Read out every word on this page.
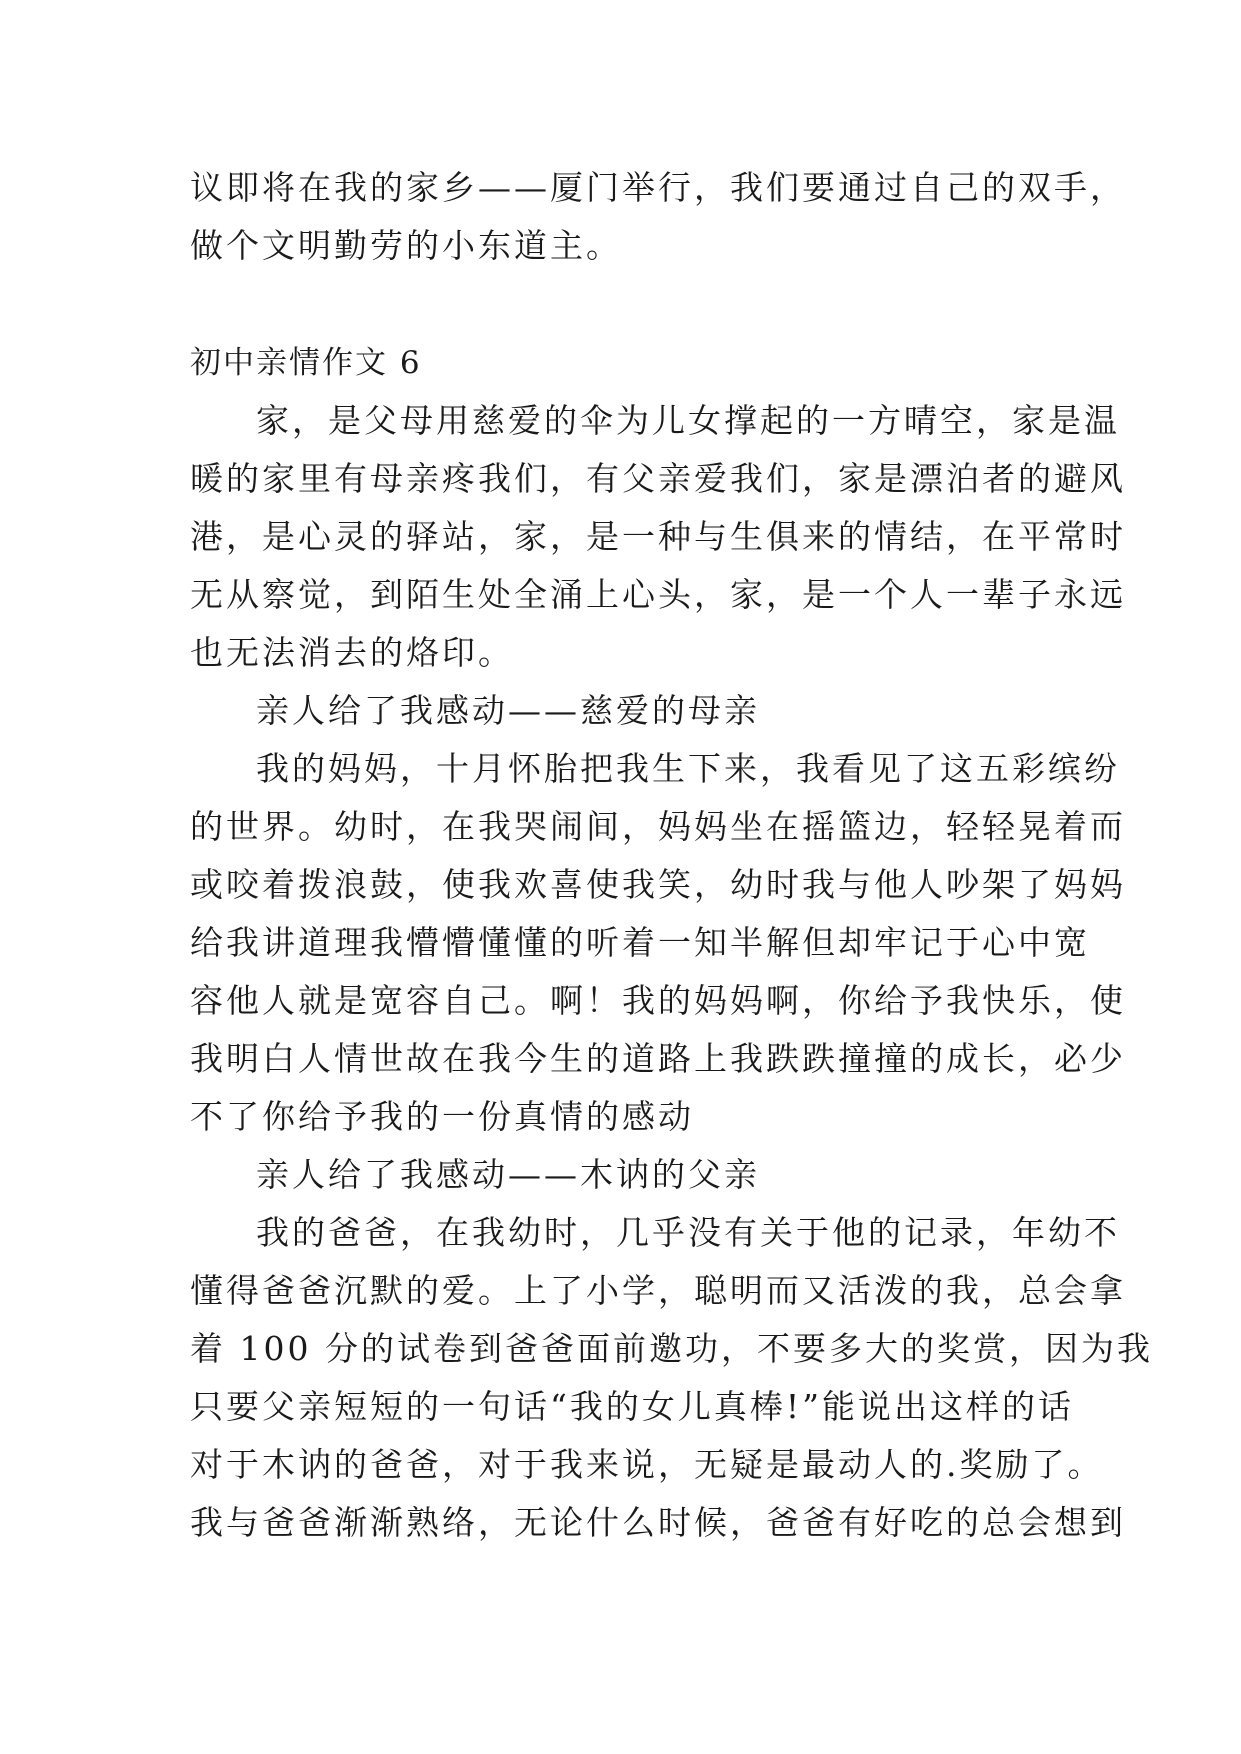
议即将在我的家乡——厦门举行，我们要通过自己的双手，
做个文明勤劳的小东道主。
初中亲情作文 6
家，是父母用慈爱的伞为儿女撑起的一方晴空，家是温
暖的家里有母亲疼我们，有父亲爱我们，家是漂泊者的避风
港，是心灵的驿站，家，是一种与生俱来的情结，在平常时
无从察觉，到陌生处全涌上心头，家，是一个人一辈子永远
也无法消去的烙印。
亲人给了我感动——慈爱的母亲
我的妈妈，十月怀胎把我生下来，我看见了这五彩缤纷
的世界。幼时，在我哭闹间，妈妈坐在摇篮边，轻轻晃着而
或咬着拨浪鼓，使我欢喜使我笑，幼时我与他人吵架了妈妈
给我讲道理我懵懵懂懂的听着一知半解但却牢记于心中宽
容他人就是宽容自己。啊！我的妈妈啊，你给予我快乐，使
我明白人情世故在我今生的道路上我跌跌撞撞的成长，必少
不了你给予我的一份真情的感动
亲人给了我感动——木讷的父亲
我的爸爸，在我幼时，几乎没有关于他的记录，年幼不
懂得爸爸沉默的爱。上了小学，聪明而又活泼的我，总会拿
着 100 分的试卷到爸爸面前邀功，不要多大的奖赏，因为我
只要父亲短短的一句话“我的女儿真棒!”能说出这样的话
对于木讷的爸爸，对于我来说，无疑是最动人的.奖励了。
我与爸爸渐渐熟络，无论什么时候，爸爸有好吃的总会想到
